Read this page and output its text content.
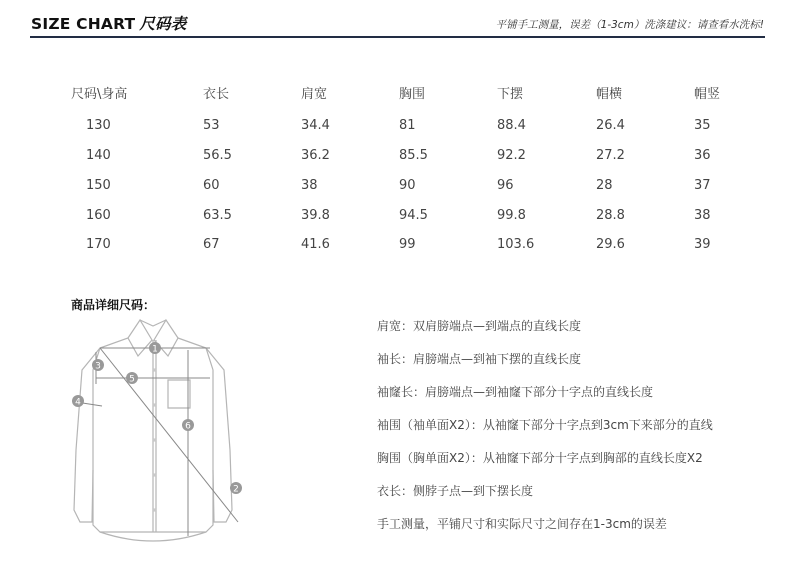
SIZE CHART 尺码表	平铺手工测量，误差（1-3cm）洗涤建议：请查看水洗标!
尺码\身高	衣长	肩宽	胸围	下摆	帽横	帽竖
130	53	34.4	81	88.4	26.4	35
140	56.5	36.2	85.5	92.2	27.2	36
150	60	38	90	96	28	37
160	63.5	39.8	94.5	99.8	28.8	38
170	67	41.6	99	103.6	29.6	39
商品详细尺码：
1
2
3
4
5
6
肩宽：双肩膀端点—到端点的直线长度
袖长：肩膀端点—到袖下摆的直线长度
袖窿长：肩膀端点—到袖窿下部分十字点的直线长度
袖围（袖单面X2）：从袖窿下部分十字点到3cm下来部分的直线
胸围（胸单面X2）：从袖窿下部分十字点到胸部的直线长度X2
衣长：侧脖子点—到下摆长度
手工测量，平铺尺寸和实际尺寸之间存在1-3cm的误差
